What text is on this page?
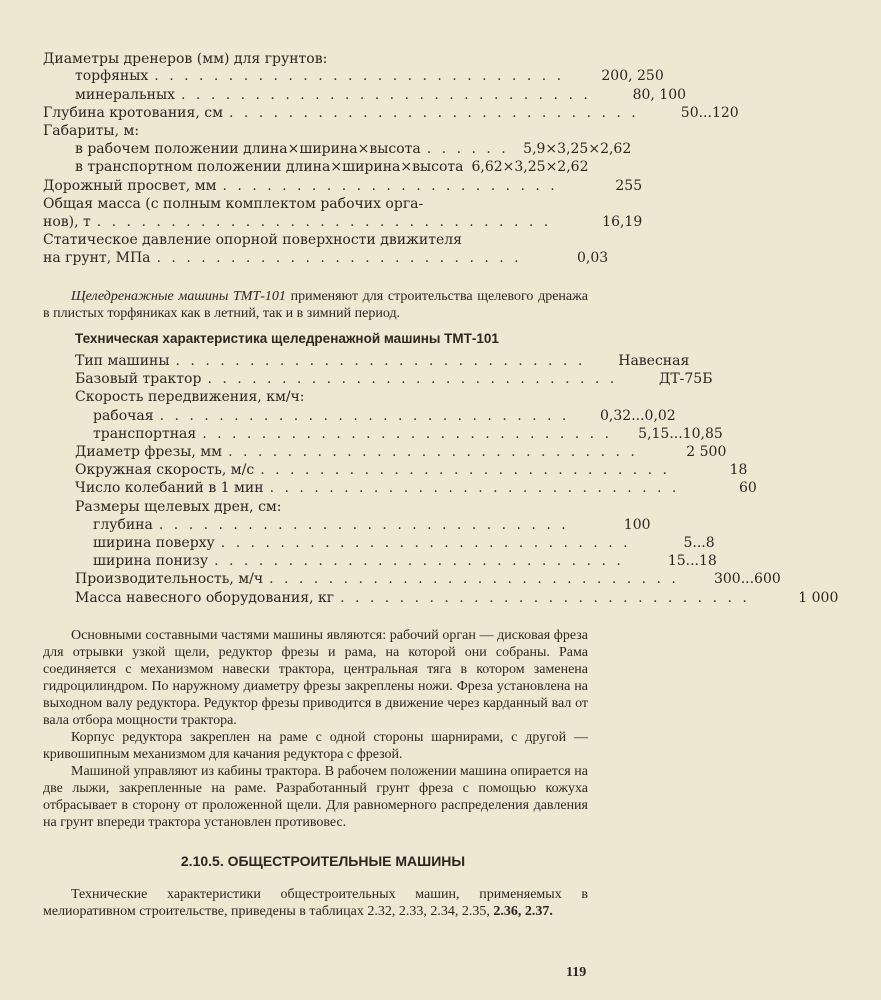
Диаметры дренеров (мм) для грунтов:
торфяных . . . . . . . . . . . . . . . . . . . . . . . . . . . .	200, 250
минеральных . . . . . . . . . . . . . . . . . . . . . . . . . . . .	80, 100
Глубина кротования, см . . . . . . . . . . . . . . . . . . . . . . . . . . . .	50...120
Габариты, м:
в рабочем положении длина×ширина×высота . . . . . .	5,9×3,25×2,62
в транспортном положении длина×ширина×высота 6,62×3,25×2,62
Дорожный просвет, мм . . . . . . . . . . . . . . . . . . . . . . .	255
Общая масса (с полным комплектом рабочих орга-
нов), т . . . . . . . . . . . . . . . . . . . . . . . . . . . . . . .	16,19
Статическое давление опорной поверхности движителя
на грунт, МПа . . . . . . . . . . . . . . . . . . . . . . . . .	0,03

Щеледренажные машины ТМТ-101 применяют для строительства щелевого дренажа в плистых торфяниках как в летний, так и в зимний период.

Техническая характеристика щеледренажной машины ТМТ-101
Тип машины . . . . . . . . . . . . . . . . . . . . . . . . . . . .	Навесная
Базовый трактор . . . . . . . . . . . . . . . . . . . . . . . . . . . .	ДТ-75Б
Скорость передвижения, км/ч:
рабочая . . . . . . . . . . . . . . . . . . . . . . . . . . . .	0,32...0,02
транспортная . . . . . . . . . . . . . . . . . . . . . . . . . . . .	5,15...10,85
Диаметр фрезы, мм . . . . . . . . . . . . . . . . . . . . . . . . . . . .	2 500
Окружная скорость, м/с . . . . . . . . . . . . . . . . . . . . . . . . . . . .	18
Число колебаний в 1 мин . . . . . . . . . . . . . . . . . . . . . . . . . . . .	60
Размеры щелевых дрен, см:
глубина . . . . . . . . . . . . . . . . . . . . . . . . . . . .	100
ширина поверху . . . . . . . . . . . . . . . . . . . . . . . . . . . .	5...8
ширина понизу . . . . . . . . . . . . . . . . . . . . . . . . . . . .	15...18
Производительность, м/ч . . . . . . . . . . . . . . . . . . . . . . . . . . . .	300...600
Масса навесного оборудования, кг . . . . . . . . . . . . . . . . . . . . . . . . . . . .	1 000

Основными составными частями машины являются: рабочий орган — дисковая фреза для отрывки узкой щели, редуктор фрезы и рама, на которой они собраны. Рама соединяется с механизмом навески трактора, центральная тяга в котором заменена гидроцилиндром. По наружному диаметру фрезы закреплены ножи. Фреза установлена на выходном валу редуктора. Редуктор фрезы приводится в движение через карданный вал от вала отбора мощности трактора.

Корпус редуктора закреплен на раме с одной стороны шарнирами, с другой — кривошипным механизмом для качания редуктора с фрезой.

Машиной управляют из кабины трактора. В рабочем положении машина опирается на две лыжи, закрепленные на раме. Разработанный грунт фреза с помощью кожуха отбрасывает в сторону от проложенной щели. Для равномерного распределения давления на грунт впереди трактора установлен противовес.

2.10.5. ОБЩЕСТРОИТЕЛЬНЫЕ МАШИНЫ

Технические характеристики общестроительных машин, применяемых в мелиоративном строительстве, приведены в таблицах 2.32, 2.33, 2.34, 2.35, 2.36, 2.37.

119
